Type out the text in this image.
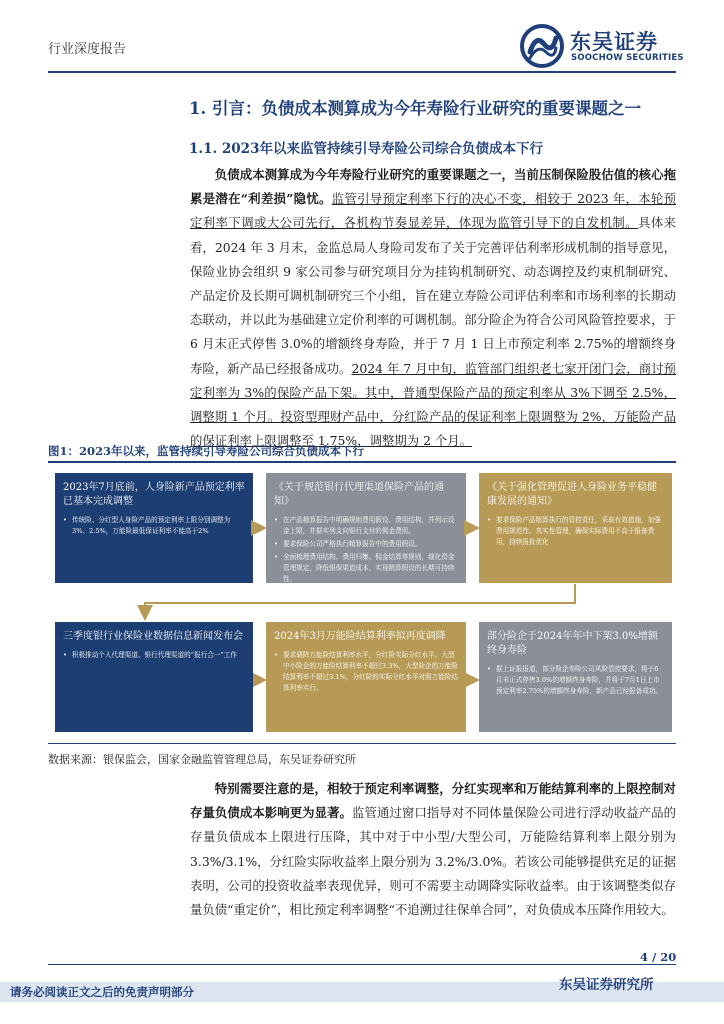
行业深度报告	东吴证券
SOOCHOW SECURITIES
1. 引言：负债成本测算成为今年寿险行业研究的重要课题之一
1.1. 2023年以来监管持续引导寿险公司综合负债成本下行
负债成本测算成为今年寿险行业研究的重要课题之一，当前压制保险股估值的核心拖累是潜在“利差损”隐忧。监管引导预定利率下行的决心不变，相较于 2023 年，本轮预定利率下调或大公司先行，各机构节奏显差异，体现为监管引导下的自发机制。具体来看，2024 年 3 月末，金监总局人身险司发布了关于完善评估利率形成机制的指导意见，保险业协会组织 9 家公司参与研究项目分为挂钩机制研究、动态调控及约束机制研究、产品定价及长期可调机制研究三个小组，旨在建立寿险公司评估利率和市场利率的长期动态联动，并以此为基础建立定价利率的可调机制。部分险企为符合公司风险管控要求，于 6 月末正式停售 3.0%的增额终身寿险，并于 7 月 1 日上市预定利率 2.75%的增额终身寿险，新产品已经报备成功。2024 年 7 月中旬，监管部门组织老七家开闭门会，商讨预定利率为 3%的保险产品下架。其中，普通型保险产品的预定利率从 3%下调至 2.5%，调整期 1 个月。投资型理财产品中，分红险产品的保证利率上限调整为 2%，万能险产品的保证利率上限调整至 1.75%，调整期为 2 个月。
图1：2023年以来，监管持续引导寿险公司综合负债成本下行
2023年7月底前，人身险新产品预定利率已基本完成调整
• 传统险、分红型人身险产品的预定利率上限分别调整为3%、2.5%，万能险最低保证利率不能高于2%
《关于规范银行代理渠道保险产品的通知》
• 在产品精算报告中明确规则费用假设、费用结构，并列示设金上限，并据实列支向银行支付的佣金费用。
• 要求保险公司严格执行精算报告中的费用假设。
• 全面梳理费用结构、费用归集、佣金结算等规则，细化资金管理规定，降低银保渠道成本，实现精算假设的长期可持续性。
《关于强化管理促进人身险业务平稳健康发展的通知》
• 要求保险产品精算执行的管控责任，采取有效措施，加强费用规范性、真实性管理，确保实际费用不高于报备费用，持续报批优化
三季度银行业保险业数据信息新闻发布会
• 积极推动个人代理渠道、银行代理渠道的“报行合一”工作
2024年3月万能险结算利率拟再度调降
• 要求调降万能险结算利率水平，分红险实际分红水平。大型中小险企的万能险结算利率不超过3.3%，大型险企的万能险结算利率不超过3.1%，分红险的实际分红水平对照万能险结算利率实行。
部分险企于2024年年中下架3.0%增额终身寿险
• 据上证报报道，部分险企寿险公司风险管控要求，将于6月末正式停售3.0%的增额终身寿险，并将于7月1日上市预定利率2.75%的增额终身寿险，新产品已经报备成功。
数据来源：银保监会，国家金融监管管理总局，东吴证券研究所
特别需要注意的是，相较于预定利率调整，分红实现率和万能结算利率的上限控制对存量负债成本影响更为显著。监管通过窗口指导对不同体量保险公司进行浮动收益产品的存量负债成本上限进行压降，其中对于中小型/大型公司，万能险结算利率上限分别为 3.3%/3.1%，分红险实际收益率上限分别为 3.2%/3.0%。若该公司能够提供充足的证据表明，公司的投资收益率表现优异，则可不需要主动调降实际收益率。由于该调整类似存量负债“重定价”，相比预定利率调整“不追溯过往保单合同”，对负债成本压降作用较大。
4 / 20
请务必阅读正文之后的免责声明部分	东吴证券研究所
